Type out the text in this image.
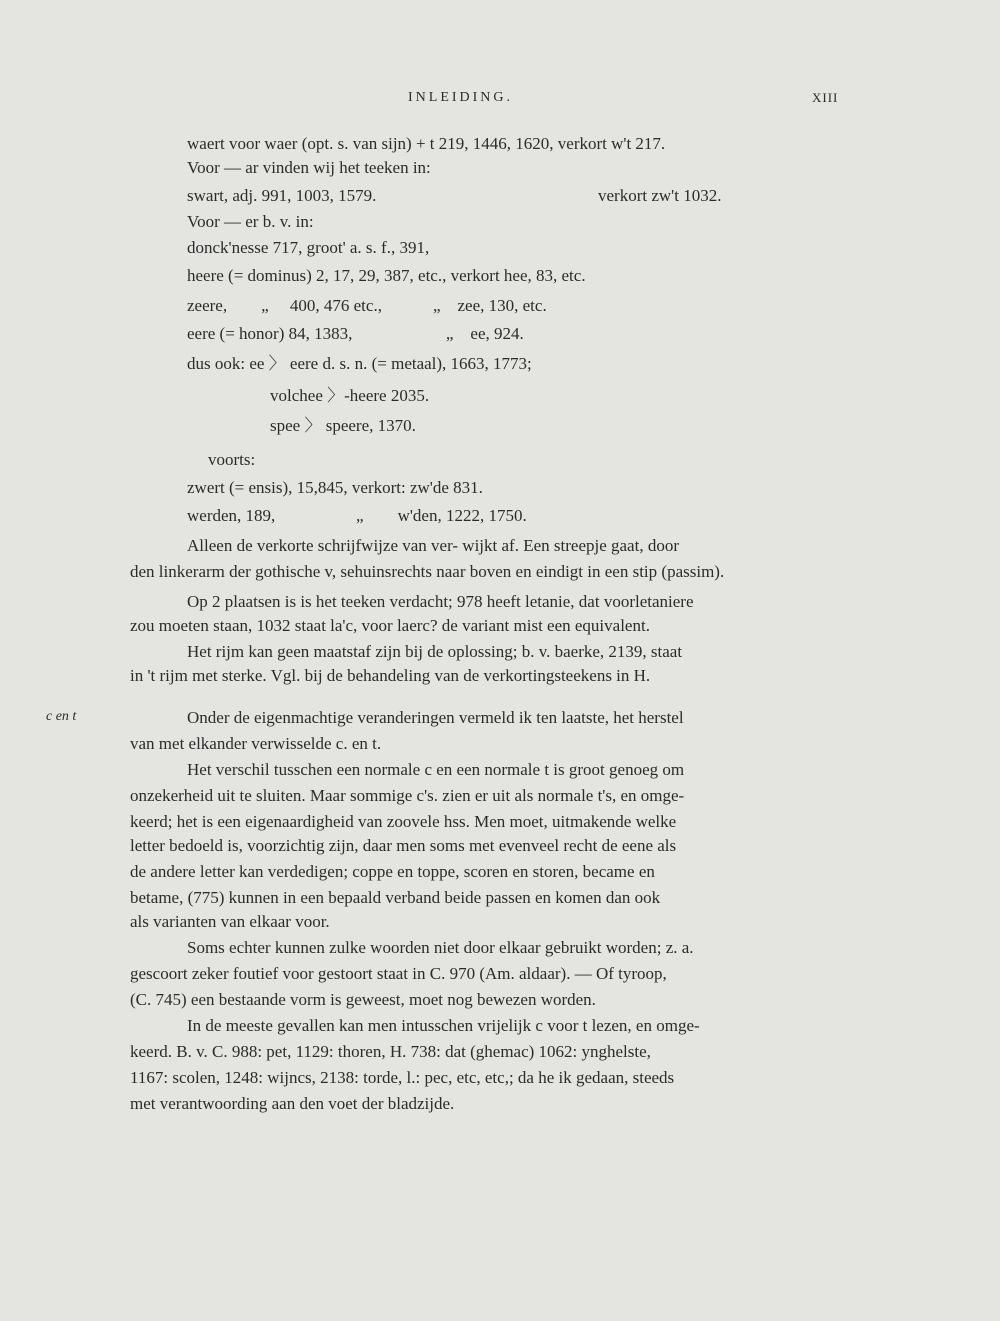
INLEIDING.	XIII
c en t
waert voor waer (opt. s. van sijn) + t 219, 1446, 1620, verkort w't 217.
Voor — ar vinden wij het teeken in:
swart, adj. 991, 1003, 1579.	verkort zw't 1032.
Voor — er b. v. in:
donck'nesse 717, groot' a. s. f., 391,
heere (= dominus) 2, 17, 29, 387, etc., verkort hee, 83, etc.
zeere,        „     400, 476 etc.,            „    zee, 130, etc.
eere (= honor) 84, 1383,                      „    ee, 924.
dus ook: ee 〉 eere d. s. n. (= metaal), 1663, 1773;
volchee 〉-heere 2035.
spee 〉 speere, 1370.
voorts:
zwert (= ensis), 15,845, verkort: zw'de 831.
werden, 189,                   „        w'den, 1222, 1750.
Alleen de verkorte schrijfwijze van ver- wijkt af. Een streepje gaat, door
den linkerarm der gothische v, sehuinsrechts naar boven en eindigt in een stip (passim).
Op 2 plaatsen is is het teeken verdacht; 978 heeft letanie, dat voorletaniere
zou moeten staan, 1032 staat la'c, voor laerc? de variant mist een equivalent.
Het rijm kan geen maatstaf zijn bij de oplossing; b. v. baerke, 2139, staat
in 't rijm met sterke. Vgl. bij de behandeling van de verkortingsteekens in H.
Onder de eigenmachtige veranderingen vermeld ik ten laatste, het herstel
van met elkander verwisselde c. en t.
Het verschil tusschen een normale c en een normale t is groot genoeg om
onzekerheid uit te sluiten. Maar sommige c's. zien er uit als normale t's, en omge-
keerd; het is een eigenaardigheid van zoovele hss. Men moet, uitmakende welke
letter bedoeld is, voorzichtig zijn, daar men soms met evenveel recht de eene als
de andere letter kan verdedigen; coppe en toppe, scoren en storen, became en
betame, (775) kunnen in een bepaald verband beide passen en komen dan ook
als varianten van elkaar voor.
Soms echter kunnen zulke woorden niet door elkaar gebruikt worden; z. a.
gescoort zeker foutief voor gestoort staat in C. 970 (Am. aldaar). — Of tyroop,
(C. 745) een bestaande vorm is geweest, moet nog bewezen worden.
In de meeste gevallen kan men intusschen vrijelijk c voor t lezen, en omge-
keerd. B. v. C. 988: pet, 1129: thoren, H. 738: dat (ghemac) 1062: ynghelste,
1167: scolen, 1248: wijncs, 2138: torde, l.: pec, etc, etc,; da he ik gedaan, steeds
met verantwoording aan den voet der bladzijde.
